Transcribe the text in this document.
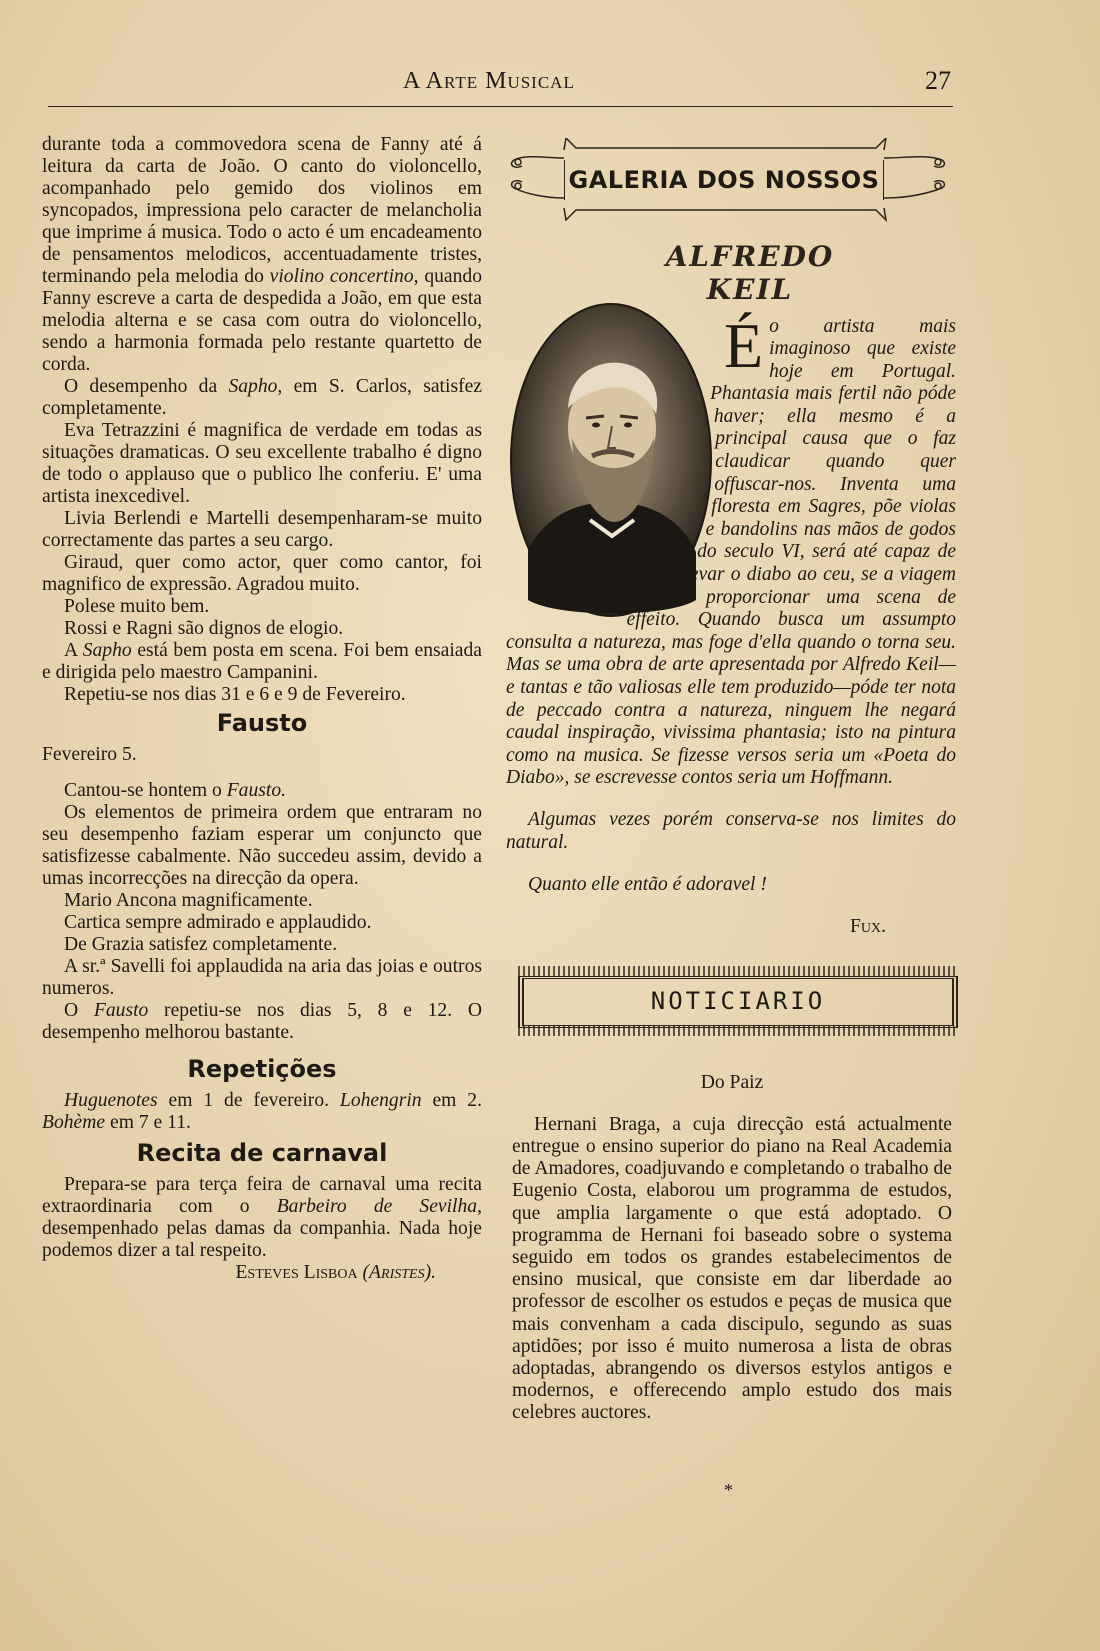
A Arte Musical	27

durante toda a commovedora scena de Fanny até á leitura da carta de João. O canto do violoncello, acompanhado pelo gemido dos violinos em syncopados, impressiona pelo caracter de melancholia que imprime á musica. Todo o acto é um encadeamento de pensamentos melodicos, accentuadamente tristes, terminando pela melodia do violino concertino, quando Fanny escreve a carta de despedida a João, em que esta melodia alterna e se casa com outra do violoncello, sendo a harmonia formada pelo restante quartetto de corda.

O desempenho da Sapho, em S. Carlos, satisfez completamente.

Eva Tetrazzini é magnifica de verdade em todas as situações dramaticas. O seu excellente trabalho é digno de todo o applauso que o publico lhe conferiu. E' uma artista inexcedivel.

Livia Berlendi e Martelli desempenharam-se muito correctamente das partes a seu cargo.

Giraud, quer como actor, quer como cantor, foi magnifico de expressão. Agradou muito.

Polese muito bem.

Rossi e Ragni são dignos de elogio.

A Sapho está bem posta em scena. Foi bem ensaiada e dirigida pelo maestro Campanini.

Repetiu-se nos dias 31 e 6 e 9 de Fevereiro.

Fausto

Fevereiro 5.

Cantou-se hontem o Fausto.

Os elementos de primeira ordem que entraram no seu desempenho faziam esperar um conjuncto que satisfizesse cabalmente. Não succedeu assim, devido a umas incorrecções na direcção da opera.

Mario Ancona magnificamente.

Cartica sempre admirado e applaudido.

De Grazia satisfez completamente.

A sr.ª Savelli foi applaudida na aria das joias e outros numeros.

O Fausto repetiu-se nos dias 5, 8 e 12. O desempenho melhorou bastante.

Repetições

Huguenotes em 1 de fevereiro. Lohengrin em 2. Bohème em 7 e 11.

Recita de carnaval

Prepara-se para terça feira de carnaval uma recita extraordinaria com o Barbeiro de Sevilha, desempenhado pelas damas da companhia. Nada hoje podemos dizer a tal respeito.

Esteves Lisboa (Aristes).

GALERIA DOS NOSSOS
ALFREDO KEIL

Éo artista mais imaginoso que existe hoje em Portugal. Phantasia mais fertil não póde haver; ella mesmo é a principal causa que o faz claudicar quando quer offuscar-nos. Inventa uma floresta em Sagres, põe violas e bandolins nas mãos de godos do seculo VI, será até capaz de levar o diabo ao ceu, se a viagem lhe proporcionar uma scena de effeito. Quando busca um assumpto consulta a natureza, mas foge d'ella quando o torna seu. Mas se uma obra de arte apresentada por Alfredo Keil—e tantas e tão valiosas elle tem produzido—póde ter nota de peccado contra a natureza, ninguem lhe negará caudal inspiração, vivissima phantasia; isto na pintura como na musica. Se fizesse versos seria um «Poeta do Diabo», se escrevesse contos seria um Hoffmann.

Algumas vezes porém conserva-se nos limites do natural.

Quanto elle então é adoravel !

Fux.

NOTICIARIO

Do Paiz

Hernani Braga, a cuja direcção está actualmente entregue o ensino superior do piano na Real Academia de Amadores, coadjuvando e completando o trabalho de Eugenio Costa, elaborou um programma de estudos, que amplia largamente o que está adoptado. O programma de Hernani foi baseado sobre o systema seguido em todos os grandes estabelecimentos de ensino musical, que consiste em dar liberdade ao professor de escolher os estudos e peças de musica que mais convenham a cada discipulo, segundo as suas aptidões; por isso é muito numerosa a lista de obras adoptadas, abrangendo os diversos estylos antigos e modernos, e offerecendo amplo estudo dos mais celebres auctores.

*
